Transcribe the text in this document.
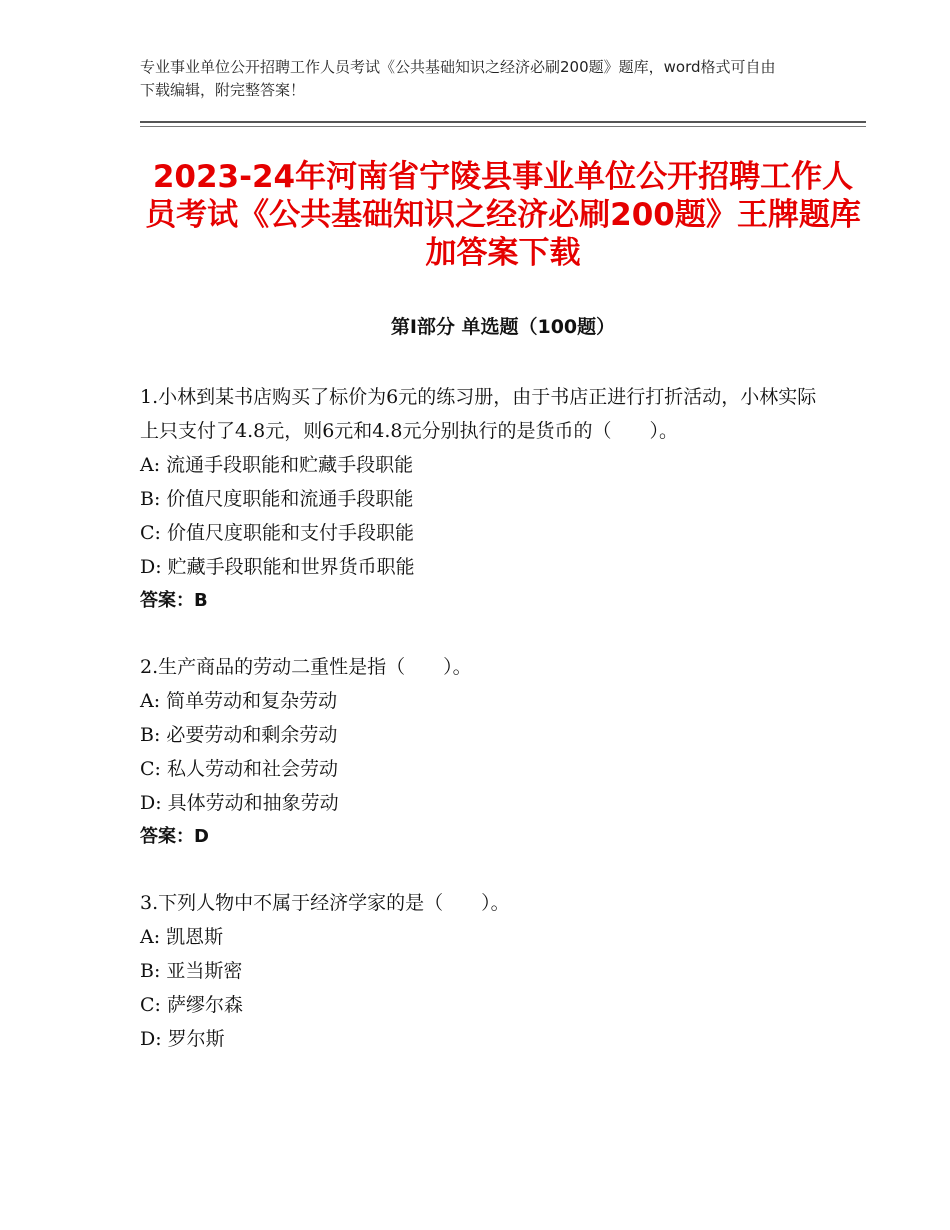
专业事业单位公开招聘工作人员考试《公共基础知识之经济必刷200题》题库，word格式可自由下载编辑，附完整答案！
2023-24年河南省宁陵县事业单位公开招聘工作人员考试《公共基础知识之经济必刷200题》王牌题库加答案下载
第Ⅰ部分 单选题（100题）

1.小林到某书店购买了标价为6元的练习册，由于书店正进行打折活动，小林实际上只支付了4.8元，则6元和4.8元分别执行的是货币的（　　）。

A: 流通手段职能和贮藏手段职能

B: 价值尺度职能和流通手段职能

C: 价值尺度职能和支付手段职能

D: 贮藏手段职能和世界货币职能

答案：B

2.生产商品的劳动二重性是指（　　）。

A: 简单劳动和复杂劳动

B: 必要劳动和剩余劳动

C: 私人劳动和社会劳动

D: 具体劳动和抽象劳动

答案：D

3.下列人物中不属于经济学家的是（　　）。

A: 凯恩斯

B: 亚当斯密

C: 萨缪尔森

D: 罗尔斯
